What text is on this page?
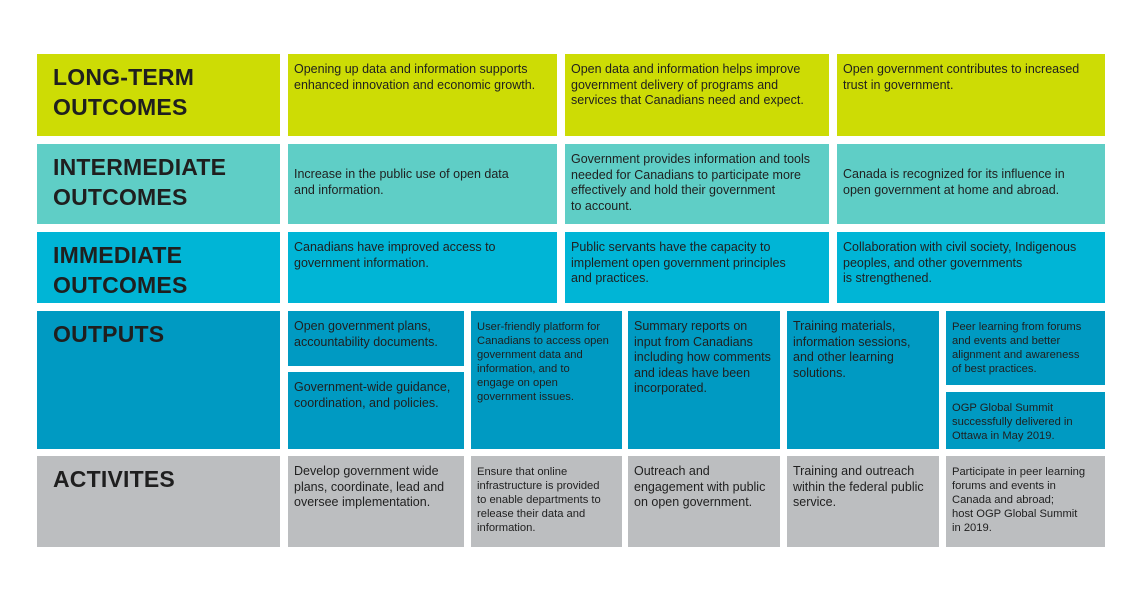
LONG-TERM
OUTCOMES
Opening up data and information supports
enhanced innovation and economic growth.
Open data and information helps improve
government delivery of programs and
services that Canadians need and expect.
Open government contributes to increased
trust in government.
INTERMEDIATE
OUTCOMES
Increase in the public use of open data
and information.
Government provides information and tools
needed for Canadians to participate more
effectively and hold their government
to account.
Canada is recognized for its influence in
open government at home and abroad.
IMMEDIATE
OUTCOMES
Canadians have improved access to
government information.
Public servants have the capacity to
implement open government principles
and practices.
Collaboration with civil society, Indigenous
peoples, and other governments
is strengthened.
OUTPUTS	Open government plans,
accountability documents.
Government-wide guidance,
coordination, and policies.
User-friendly platform for
Canadians to access open
government data and
information, and to
engage on open
government issues.
Summary reports on
input from Canadians
including how comments
and ideas have been
incorporated.
Training materials,
information sessions,
and other learning
solutions.
Peer learning from forums
and events and better
alignment and awareness
of best practices.
OGP Global Summit
successfully delivered in
Ottawa in May 2019.
ACTIVITES	Develop government wide
plans, coordinate, lead and
oversee implementation.
Ensure that online
infrastructure is provided
to enable departments to
release their data and
information.
Outreach and
engagement with public
on open government.
Training and outreach
within the federal public
service.
Participate in peer learning
forums and events in
Canada and abroad;
host OGP Global Summit
in 2019.
